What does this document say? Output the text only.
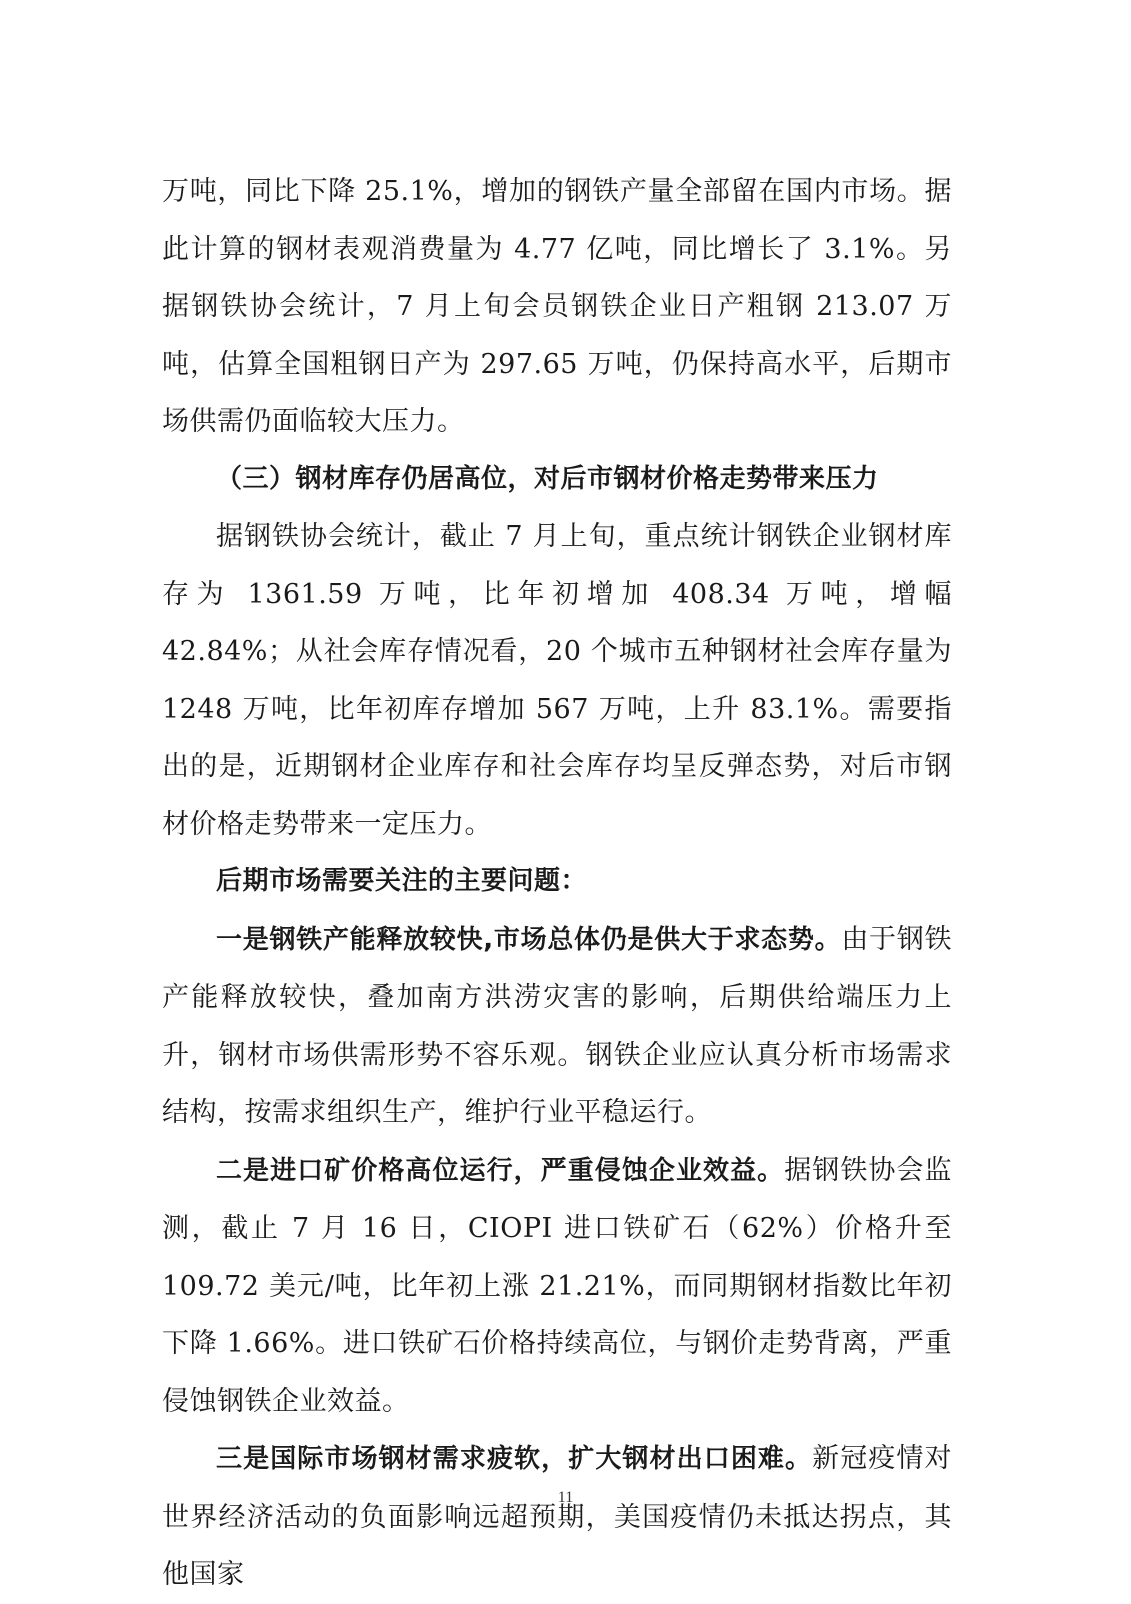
万吨，同比下降 25.1%，增加的钢铁产量全部留在国内市场。据此计算的钢材表观消费量为 4.77 亿吨，同比增长了 3.1%。另据钢铁协会统计，7 月上旬会员钢铁企业日产粗钢 213.07 万吨，估算全国粗钢日产为 297.65 万吨，仍保持高水平，后期市场供需仍面临较大压力。

（三）钢材库存仍居高位，对后市钢材价格走势带来压力

据钢铁协会统计，截止 7 月上旬，重点统计钢铁企业钢材库存为 1361.59 万吨，比年初增加 408.34 万吨，增幅 42.84%；从社会库存情况看，20 个城市五种钢材社会库存量为 1248 万吨，比年初库存增加 567 万吨，上升 83.1%。需要指出的是，近期钢材企业库存和社会库存均呈反弹态势，对后市钢材价格走势带来一定压力。

后期市场需要关注的主要问题：

一是钢铁产能释放较快,市场总体仍是供大于求态势。由于钢铁产能释放较快，叠加南方洪涝灾害的影响，后期供给端压力上升，钢材市场供需形势不容乐观。钢铁企业应认真分析市场需求结构，按需求组织生产，维护行业平稳运行。

二是进口矿价格高位运行，严重侵蚀企业效益。据钢铁协会监测，截止 7 月 16 日，CIOPI 进口铁矿石（62%）价格升至 109.72 美元/吨，比年初上涨 21.21%，而同期钢材指数比年初下降 1.66%。进口铁矿石价格持续高位，与钢价走势背离，严重侵蚀钢铁企业效益。

三是国际市场钢材需求疲软，扩大钢材出口困难。新冠疫情对世界经济活动的负面影响远超预期，美国疫情仍未抵达拐点，其他国家

11
